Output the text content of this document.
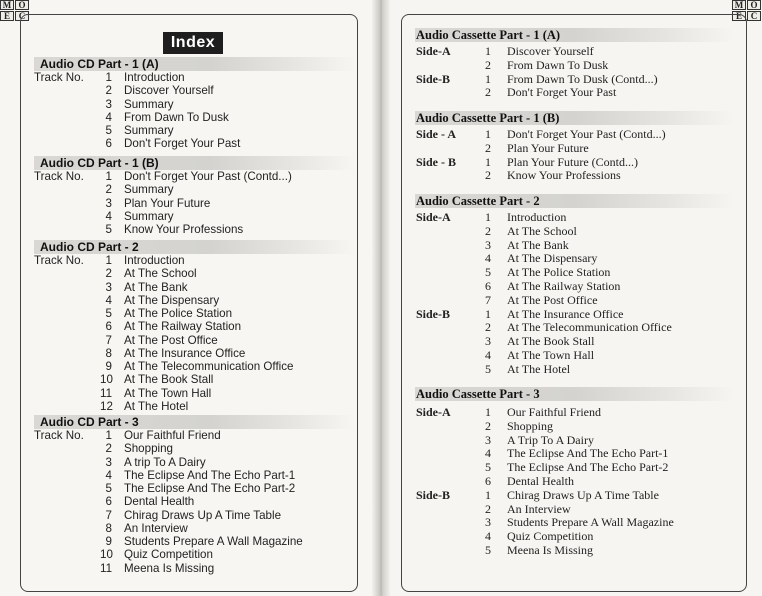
M O
E C
M O
E C
Index
Audio CD Part - 1 (A)
Track No.	1 Introduction
2 Discover Yourself
3 Summary
4 From Dawn To Dusk
5 Summary
6 Don't Forget Your Past
Audio CD Part - 1 (B)
Track No.	1 Don't Forget Your Past (Contd...)
2 Summary
3 Plan Your Future
4 Summary
5 Know Your Professions
Audio CD Part - 2
Track No.	1 Introduction
2 At The School
3 At The Bank
4 At The Dispensary
5 At The Police Station
6 At The Railway Station
7 At The Post Office
8 At The Insurance Office
9 At The Telecommunication Office
10 At The Book Stall
11 At The Town Hall
12 At The Hotel
Audio CD Part - 3
Track No.	1 Our Faithful Friend
2 Shopping
3 A trip To A Dairy
4 The Eclipse And The Echo Part-1
5 The Eclipse And The Echo Part-2
6 Dental Health
7 Chirag Draws Up A Time Table
8 An Interview
9 Students Prepare A Wall Magazine
10 Quiz Competition
11 Meena Is Missing
Audio Cassette Part - 1 (A)
Side-A	1 Discover Yourself
2 From Dawn To Dusk
Side-B	1 From Dawn To Dusk (Contd...)
2 Don't Forget Your Past
Audio Cassette Part - 1 (B)
Side - A	1 Don't Forget Your Past (Contd...)
2 Plan Your Future
Side - B	1 Plan Your Future (Contd...)
2 Know Your Professions
Audio Cassette Part - 2
Side-A	1 Introduction
2 At The School
3 At The Bank
4 At The Dispensary
5 At The Police Station
6 At The Railway Station
7 At The Post Office
Side-B	1 At The Insurance Office
2 At The Telecommunication Office
3 At The Book Stall
4 At The Town Hall
5 At The Hotel
Audio Cassette Part - 3
Side-A	1 Our Faithful Friend
2 Shopping
3 A Trip To A Dairy
4 The Eclipse And The Echo Part-1
5 The Eclipse And The Echo Part-2
6 Dental Health
Side-B	1 Chirag Draws Up A Time Table
2 An Interview
3 Students Prepare A Wall Magazine
4 Quiz Competition
5 Meena Is Missing
